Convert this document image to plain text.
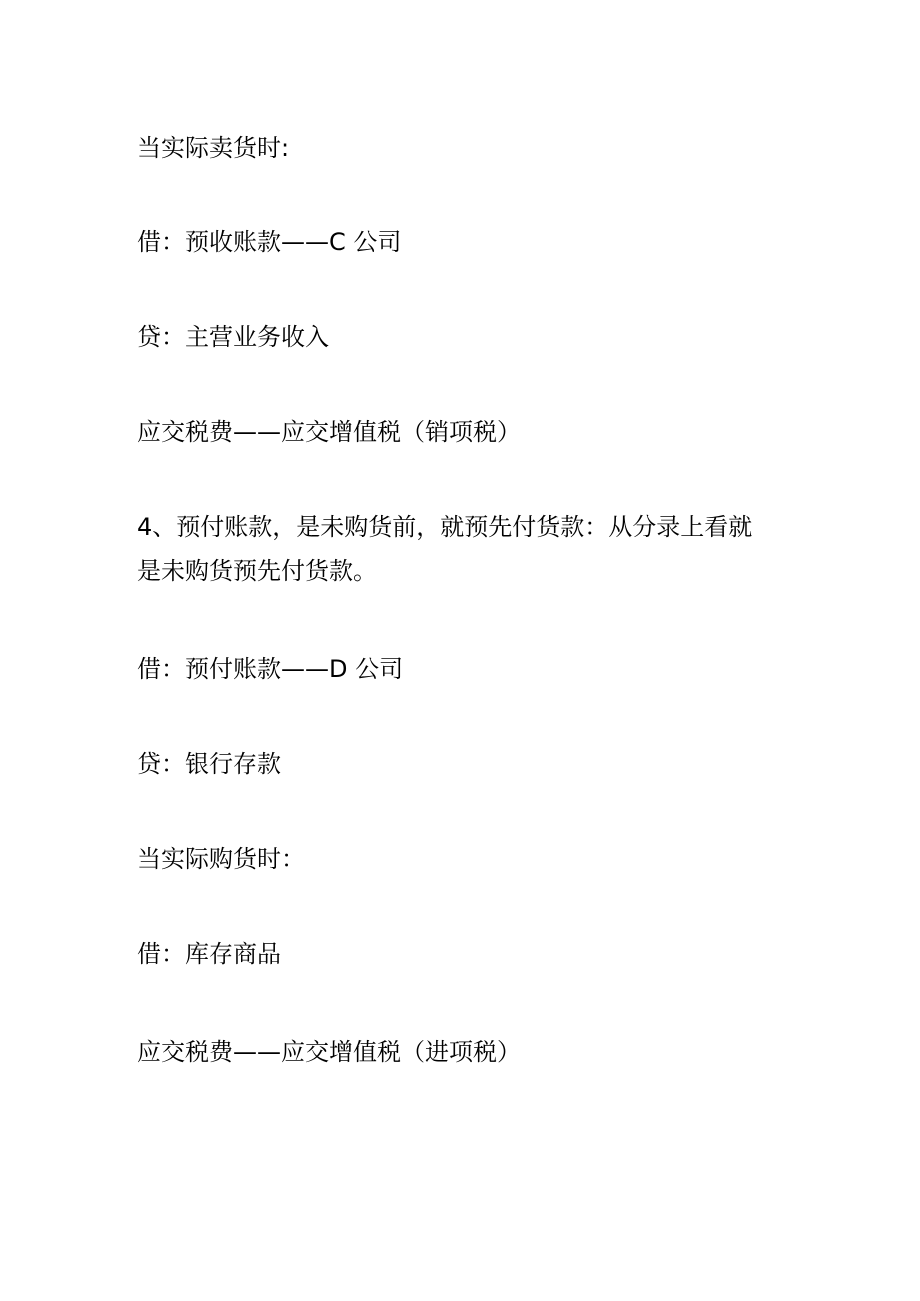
当实际卖货时:

借：预收账款——C 公司

贷：主营业务收入

应交税费——应交增值税（销项税）

4、预付账款，是未购货前，就预先付货款：从分录上看就
是未购货预先付货款。

借：预付账款——D 公司

贷：银行存款

当实际购货时：

借：库存商品

应交税费——应交增值税（进项税）
